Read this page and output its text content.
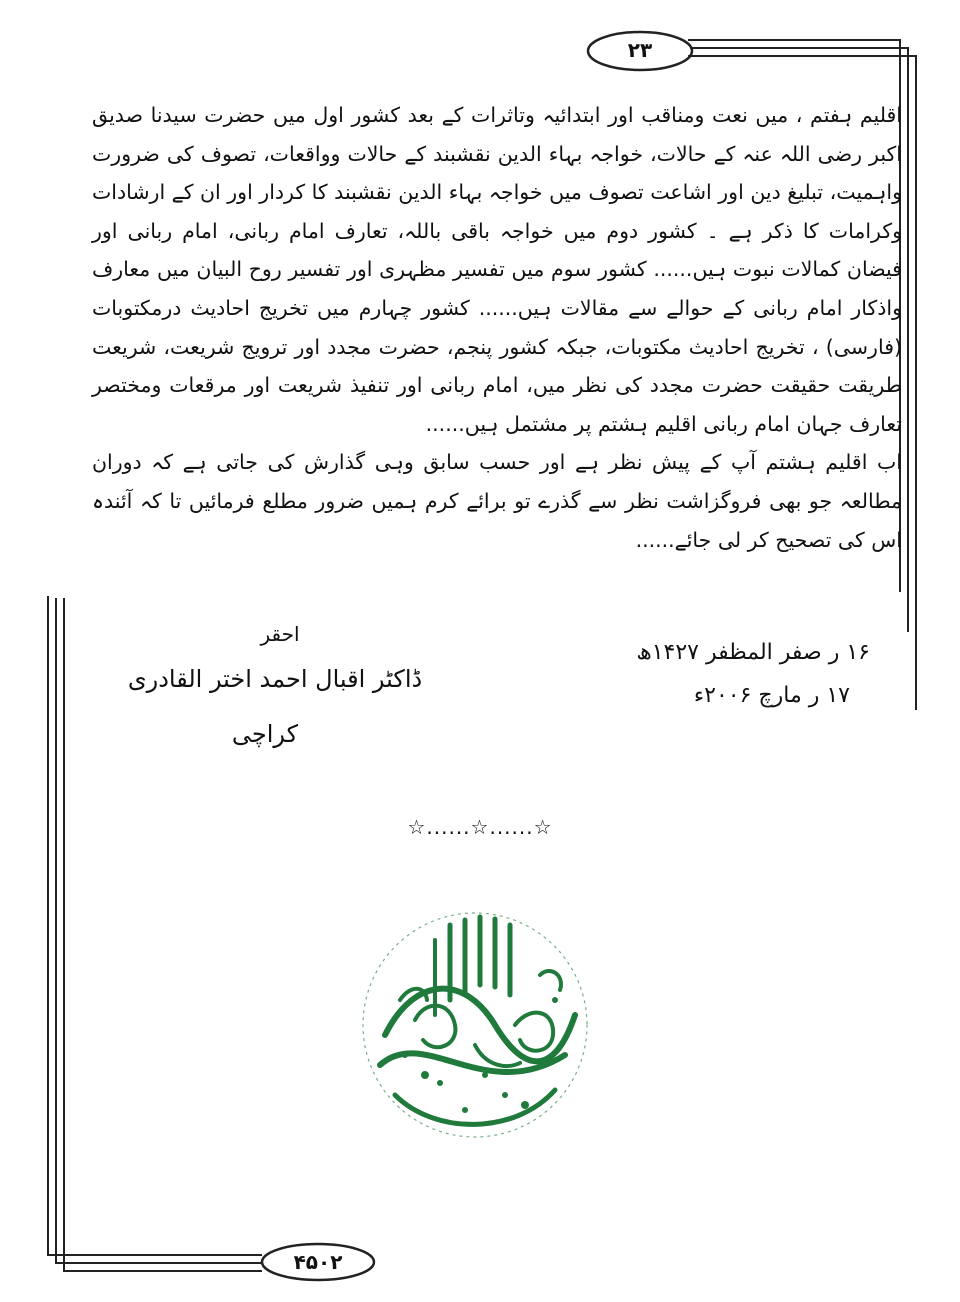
۲۳
۴۵۰۲

اقلیم ہفتم ، میں نعت ومناقب اور ابتدائیہ وتاثرات کے بعد کشور اول میں حضرت سیدنا صدیق اکبر رضی اللہ عنہ کے حالات، خواجہ بہاء الدین نقشبند کے حالات وواقعات، تصوف کی ضرورت واہمیت، تبلیغ دین اور اشاعت تصوف میں خواجہ بہاء الدین نقشبند کا کردار اور ان کے ارشادات وکرامات کا ذکر ہے ۔ کشور دوم میں خواجہ باقی باللہ، تعارف امام ربانی، امام ربانی اور فیضان کمالات نبوت ہیں...... کشور سوم میں تفسیر مظہری اور تفسیر روح البیان میں معارف واذکار امام ربانی کے حوالے سے مقالات ہیں...... کشور چہارم میں تخریج احادیث درمکتوبات (فارسی) ، تخریج احادیث مکتوبات، جبکہ کشور پنجم، حضرت مجدد اور ترویج شریعت، شریعت طریقت حقیقت حضرت مجدد کی نظر میں، امام ربانی اور تنفیذ شریعت اور مرقعات ومختصر تعارف جہان امام ربانی اقلیم ہشتم پر مشتمل ہیں......

اب اقلیم ہشتم آپ کے پیش نظر ہے اور حسب سابق وہی گذارش کی جاتی ہے کہ دوران مطالعہ جو بھی فروگزاشت نظر سے گذرے تو برائے کرم ہمیں ضرور مطلع فرمائیں تا کہ آئندہ اس کی تصحیح کر لی جائے......

احقر
ڈاکٹر اقبال احمد اختر القادری
کراچی
۱۶ ر صفر المظفر ۱۴۲۷ھ
۱۷ ر مارچ ۲۰۰۶ء
☆......☆......☆
